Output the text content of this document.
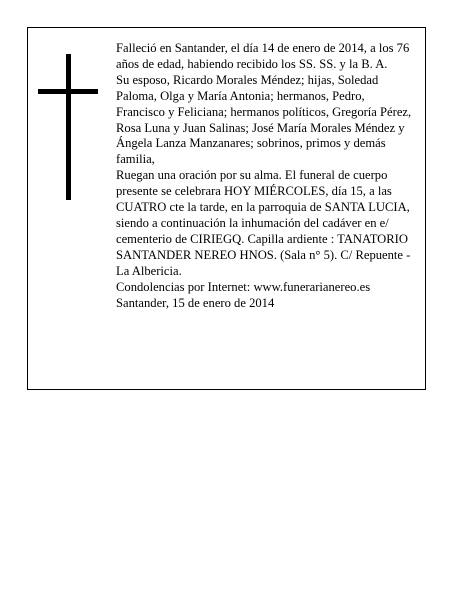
Falleció en Santander, el día 14 de enero de 2014, a los 76 años de edad, habiendo recibido los SS. SS. y la B. A.

Su esposo, Ricardo Morales Méndez; hijas, Soledad Paloma, Olga y María Antonia; hermanos, Pedro, Francisco y Feliciana; hermanos políticos, Gregoría Pérez, Rosa Luna y Juan Salinas; José María Morales Méndez y Ángela Lanza Manzanares; sobrinos, primos y demás familia,

Ruegan una oración por su alma. El funeral de cuerpo presente se celebrara HOY MIÉRCOLES, día 15, a las CUATRO cte la tarde, en la parroquia de SANTA LUCIA, siendo a continuación la inhumación del cadáver en e/ cementerio de CIRIEGQ. Capilla ardiente : TANATORIO SANTANDER NEREO HNOS. (Sala n° 5). C/ Repuente - La Albericia.

Condolencias por Internet: www.funerarianereo.es

Santander, 15 de enero de 2014
